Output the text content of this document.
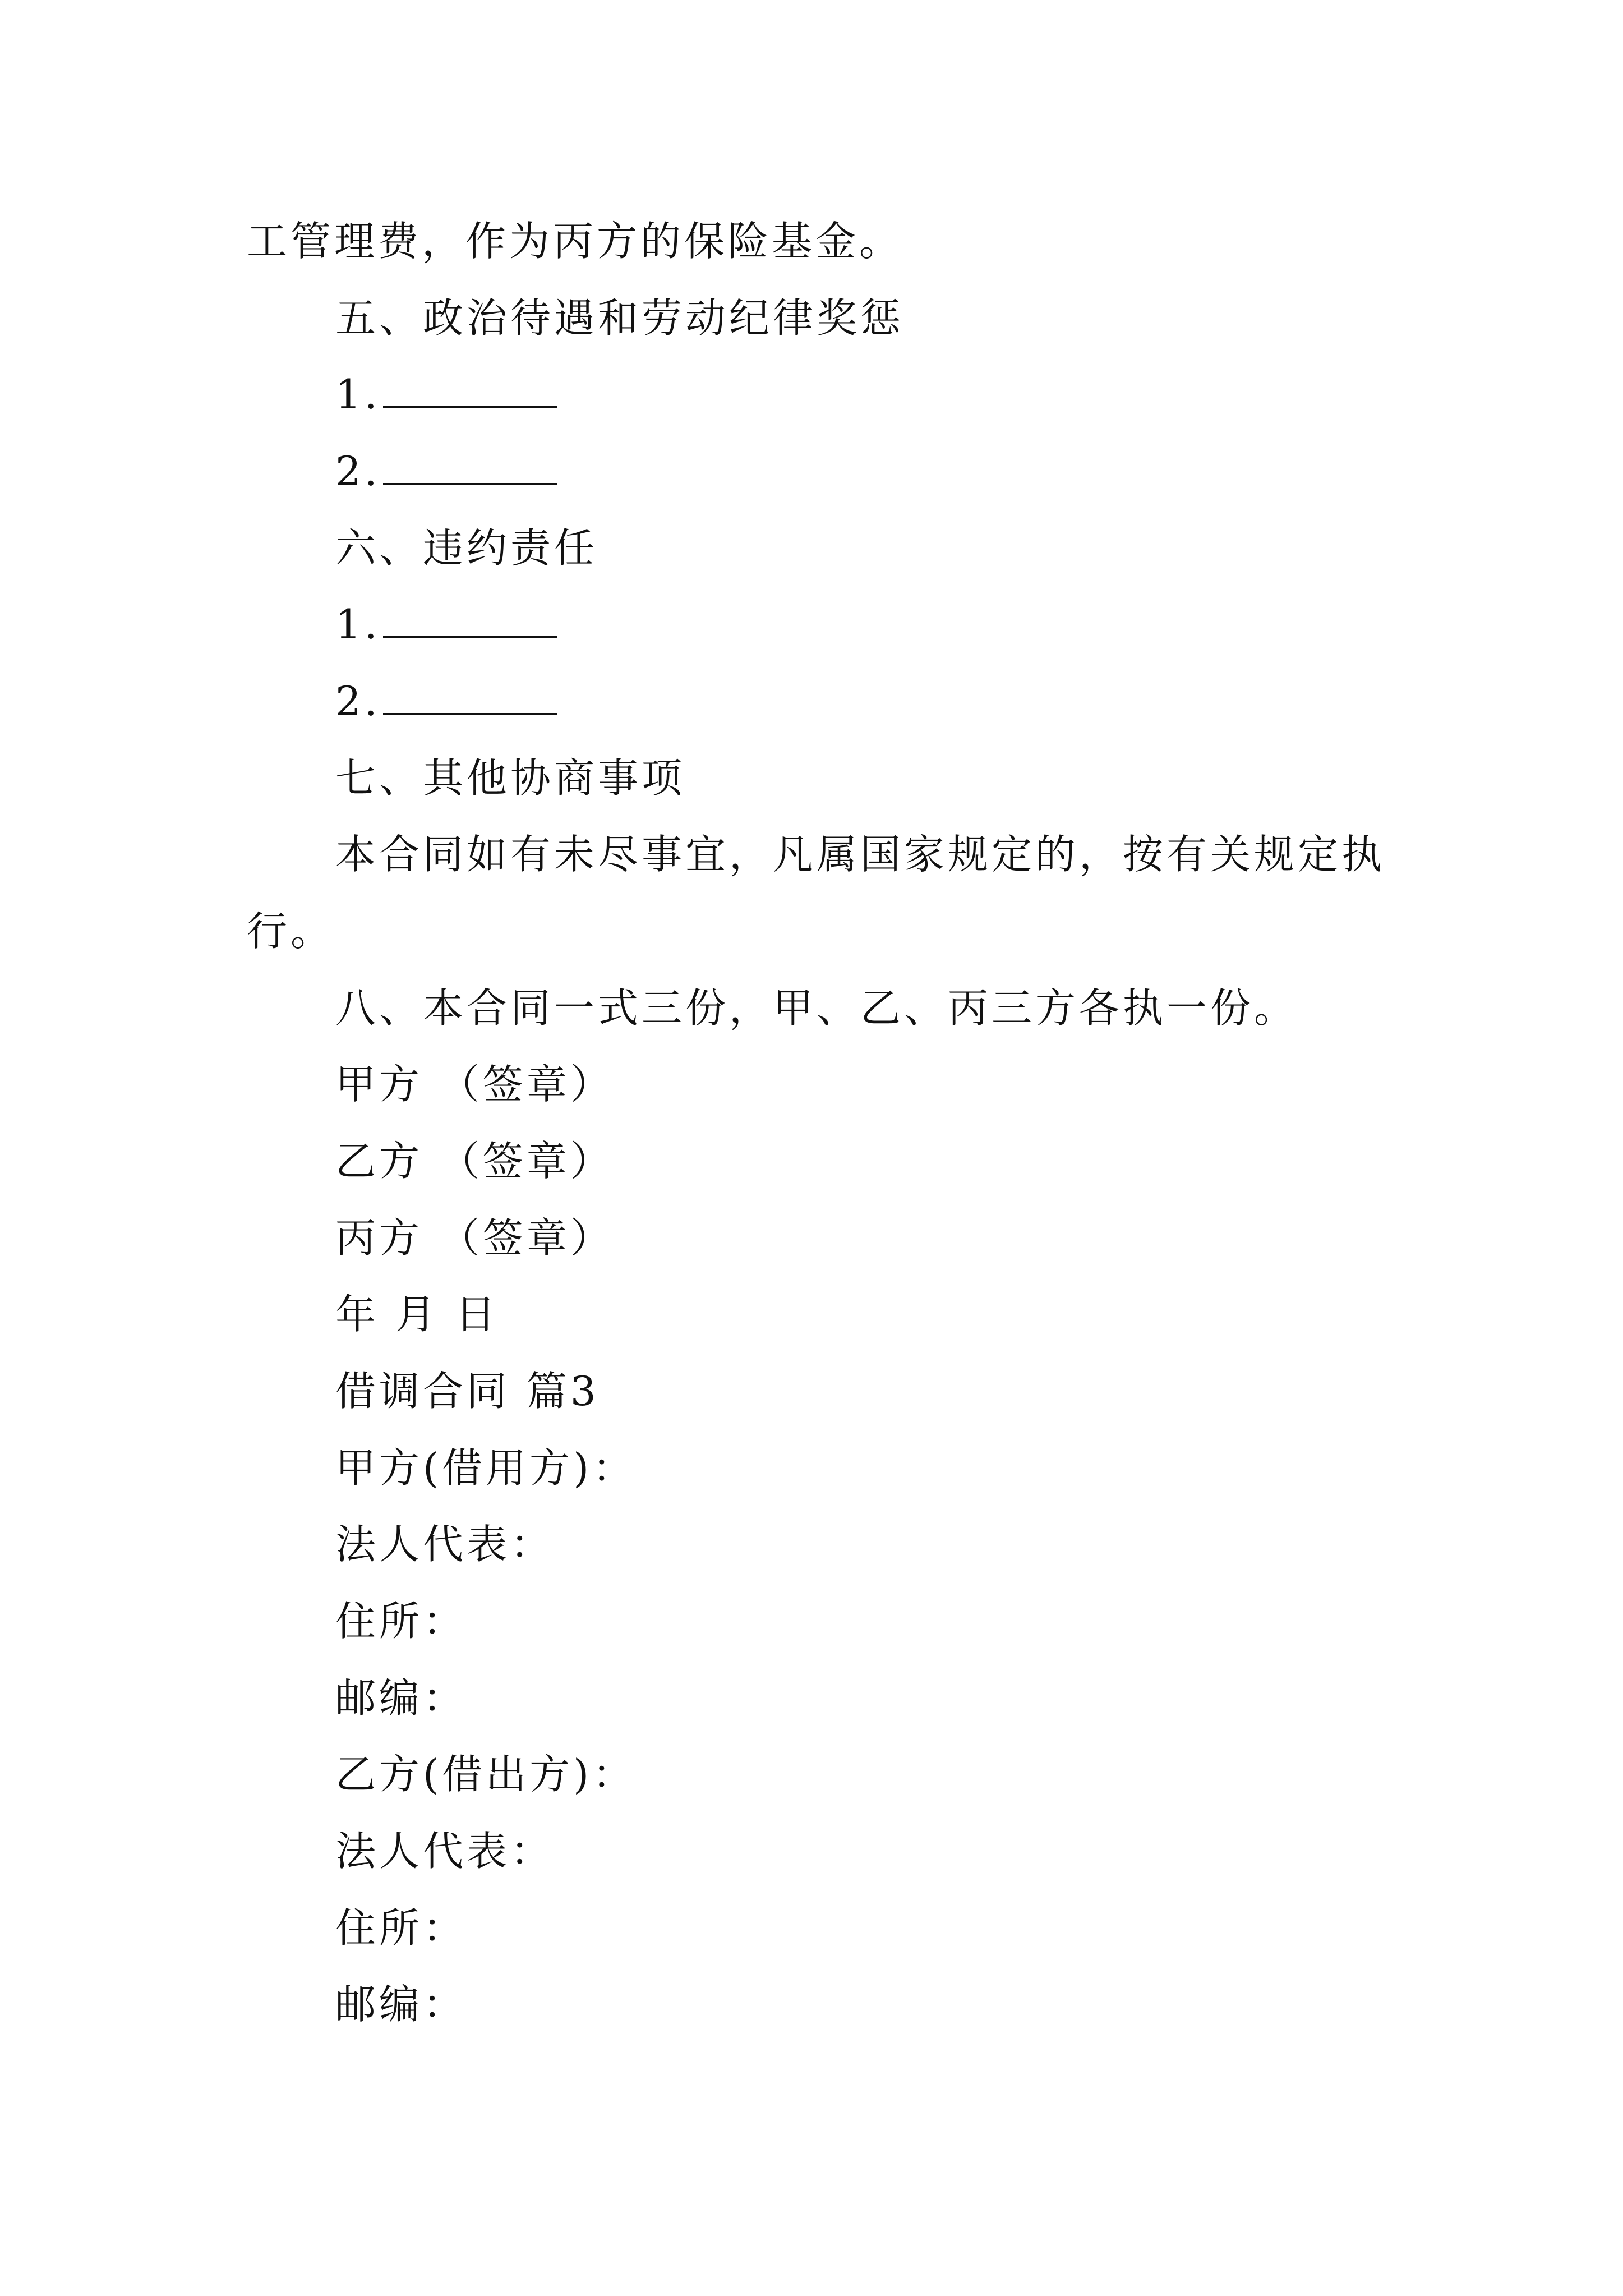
工管理费，作为丙方的保险基金。
五、政治待遇和劳动纪律奖惩
1.
2.
六、违约责任
1.
2.
七、其他协商事项
本合同如有未尽事宜，凡属国家规定的，按有关规定执
行。
八、本合同一式三份，甲、乙、丙三方各执一份。
甲方 （签章）
乙方 （签章）
丙方 （签章）
年 月 日
借调合同 篇3
甲方(借用方)：
法人代表：
住所：
邮编：
乙方(借出方)：
法人代表：
住所：
邮编：
